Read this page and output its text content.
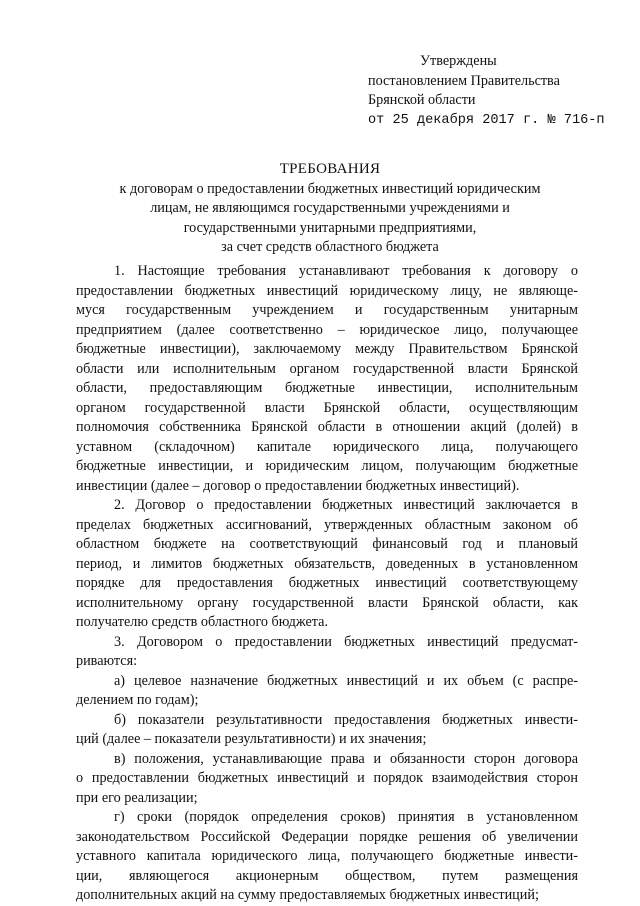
Утверждены
постановлением Правительства
Брянской области
от 25 декабря 2017 г. № 716-п
ТРЕБОВАНИЯ
к договорам о предоставлении бюджетных инвестиций юридическим
лицам, не являющимся государственными учреждениями и
государственными унитарными предприятиями,
за счет средств областного бюджета
1. Настоящие требования устанавливают требования к договору о
предоставлении бюджетных инвестиций юридическому лицу, не являюще-
муся государственным учреждением и государственным унитарным
предприятием (далее соответственно – юридическое лицо, получающее
бюджетные инвестиции), заключаемому между Правительством Брянской
области или исполнительным органом государственной власти Брянской
области, предоставляющим бюджетные инвестиции, исполнительным
органом государственной власти Брянской области, осуществляющим
полномочия собственника Брянской области в отношении акций (долей) в
уставном (складочном) капитале юридического лица, получающего
бюджетные инвестиции, и юридическим лицом, получающим бюджетные
инвестиции (далее – договор о предоставлении бюджетных инвестиций).
2. Договор о предоставлении бюджетных инвестиций заключается в
пределах бюджетных ассигнований, утвержденных областным законом об
областном бюджете на соответствующий финансовый год и плановый
период, и лимитов бюджетных обязательств, доведенных в установленном
порядке для предоставления бюджетных инвестиций соответствующему
исполнительному органу государственной власти Брянской области, как
получателю средств областного бюджета.
3. Договором о предоставлении бюджетных инвестиций предусмат-
риваются:
а) целевое назначение бюджетных инвестиций и их объем (с распре-
делением по годам);
б) показатели результативности предоставления бюджетных инвести-
ций (далее – показатели результативности) и их значения;
в) положения, устанавливающие права и обязанности сторон договора
о предоставлении бюджетных инвестиций и порядок взаимодействия сторон
при его реализации;
г) сроки (порядок определения сроков) принятия в установленном
законодательством Российской Федерации порядке решения об увеличении
уставного капитала юридического лица, получающего бюджетные инвести-
ции, являющегося акционерным обществом, путем размещения
дополнительных акций на сумму предоставляемых бюджетных инвестиций;
